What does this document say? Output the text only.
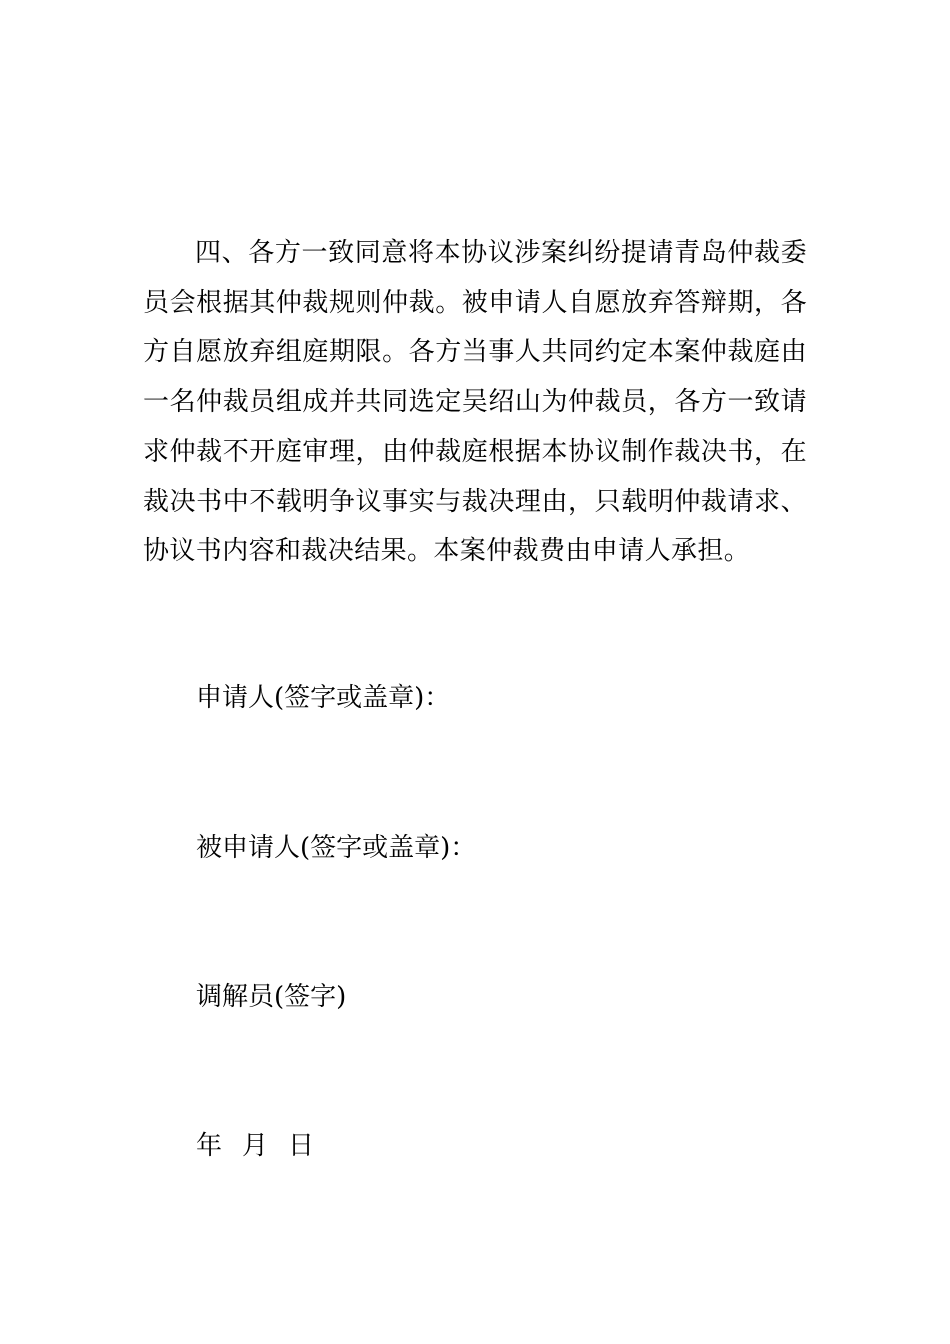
四、各方一致同意将本协议涉案纠纷提请青岛仲裁委员会根据其仲裁规则仲裁。被申请人自愿放弃答辩期，各方自愿放弃组庭期限。各方当事人共同约定本案仲裁庭由一名仲裁员组成并共同选定吴绍山为仲裁员，各方一致请求仲裁不开庭审理，由仲裁庭根据本协议制作裁决书，在裁决书中不载明争议事实与裁决理由，只载明仲裁请求、协议书内容和裁决结果。本案仲裁费由申请人承担。

申请人(签字或盖章)：

被申请人(签字或盖章)：

调解员(签字)

年 月 日
